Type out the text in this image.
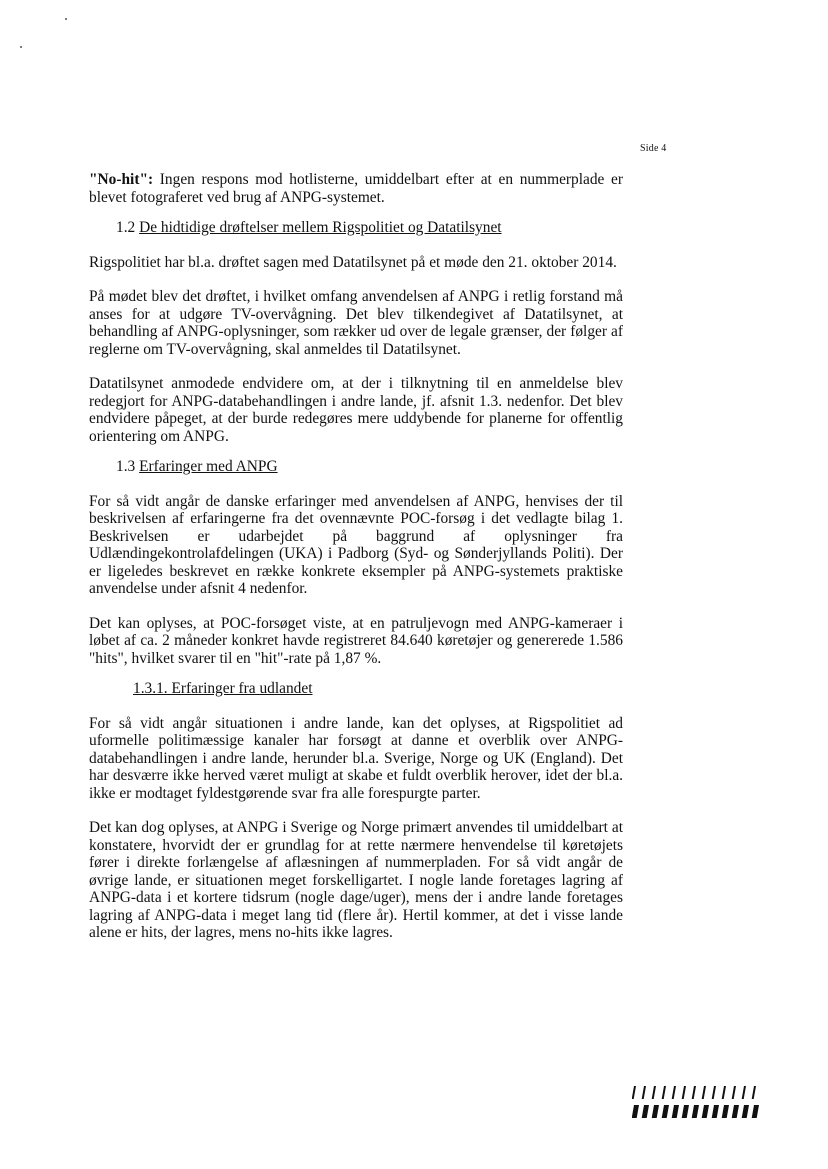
Side 4

"No-hit": Ingen respons mod hotlisterne, umiddelbart efter at en nummerplade er blevet fotograferet ved brug af ANPG-systemet.

1.2 De hidtidige drøftelser mellem Rigspolitiet og Datatilsynet

Rigspolitiet har bl.a. drøftet sagen med Datatilsynet på et møde den 21. oktober 2014.

På mødet blev det drøftet, i hvilket omfang anvendelsen af ANPG i retlig forstand må anses for at udgøre TV-overvågning. Det blev tilkendegivet af Datatilsynet, at behandling af ANPG-oplysninger, som rækker ud over de legale grænser, der følger af reglerne om TV-overvågning, skal anmeldes til Datatilsynet.

Datatilsynet anmodede endvidere om, at der i tilknytning til en anmeldelse blev redegjort for ANPG-databehandlingen i andre lande, jf. afsnit 1.3. nedenfor. Det blev endvidere påpeget, at der burde redegøres mere uddybende for planerne for offentlig orientering om ANPG.

1.3 Erfaringer med ANPG

For så vidt angår de danske erfaringer med anvendelsen af ANPG, henvises der til beskrivelsen af erfaringerne fra det ovennævnte POC-forsøg i det vedlagte bilag 1. Beskrivelsen er udarbejdet på baggrund af oplysninger fra Udlændingekontrolafdelingen (UKA) i Padborg (Syd- og Sønderjyllands Politi). Der er ligeledes beskrevet en række konkrete eksempler på ANPG-systemets praktiske anvendelse under afsnit 4 nedenfor.

Det kan oplyses, at POC-forsøget viste, at en patruljevogn med ANPG-kameraer i løbet af ca. 2 måneder konkret havde registreret 84.640 køretøjer og genererede 1.586 "hits", hvilket svarer til en "hit"-rate på 1,87 %.

1.3.1. Erfaringer fra udlandet

For så vidt angår situationen i andre lande, kan det oplyses, at Rigspolitiet ad uformelle politimæssige kanaler har forsøgt at danne et overblik over ANPG-databehandlingen i andre lande, herunder bl.a. Sverige, Norge og UK (England). Det har desværre ikke herved været muligt at skabe et fuldt overblik herover, idet der bl.a. ikke er modtaget fyldestgørende svar fra alle forespurgte parter.

Det kan dog oplyses, at ANPG i Sverige og Norge primært anvendes til umiddelbart at konstatere, hvorvidt der er grundlag for at rette nærmere henvendelse til køretøjets fører i direkte forlængelse af aflæsningen af nummerpladen. For så vidt angår de øvrige lande, er situationen meget forskelligartet. I nogle lande foretages lagring af ANPG-data i et kortere tidsrum (nogle dage/uger), mens der i andre lande foretages lagring af ANPG-data i meget lang tid (flere år). Hertil kommer, at det i visse lande alene er hits, der lagres, mens no-hits ikke lagres.
